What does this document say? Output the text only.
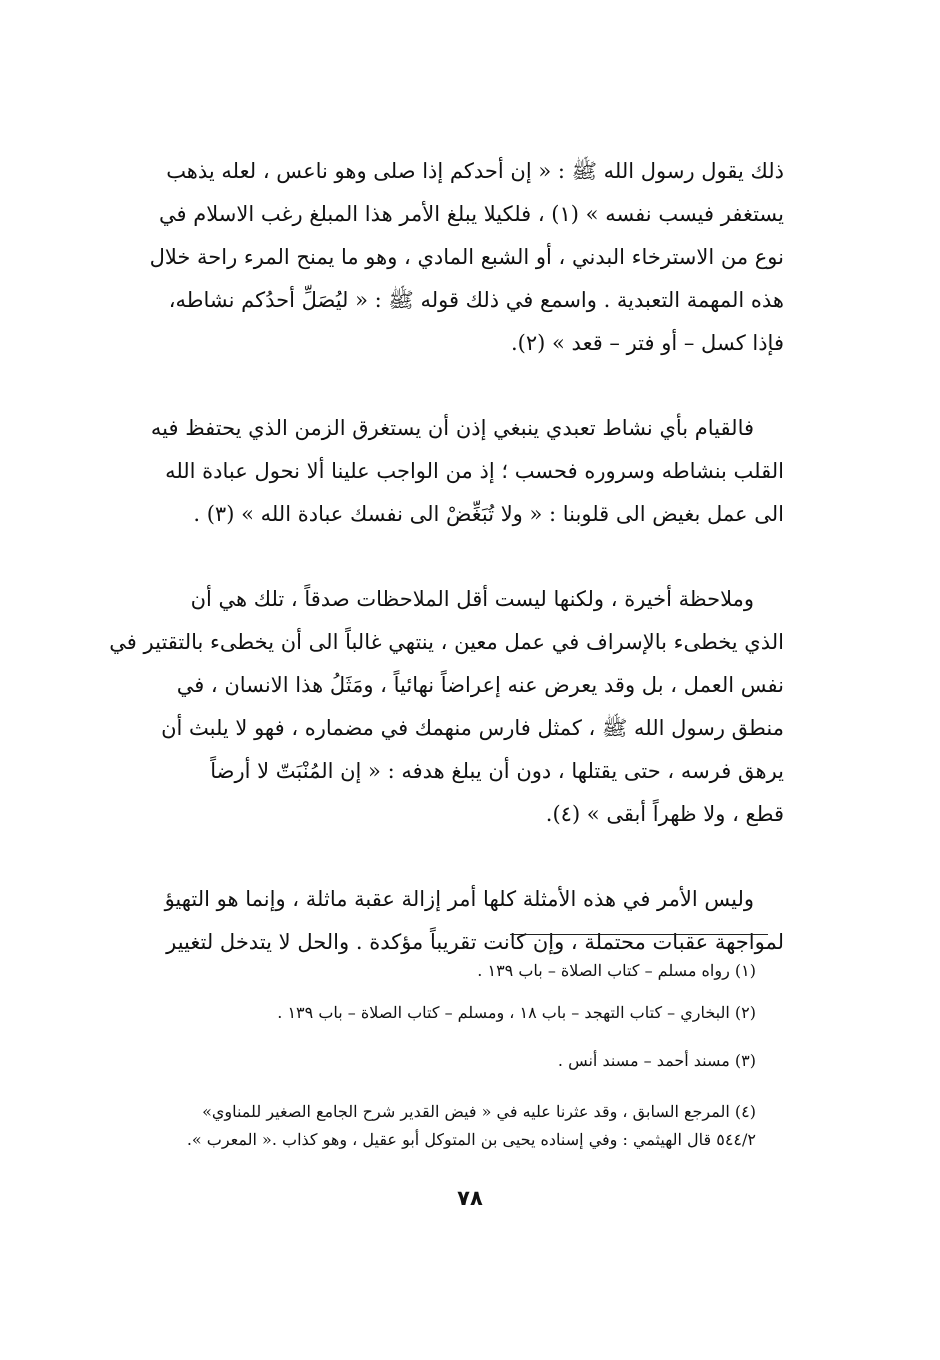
ذلك يقول رسول الله ﷺ : « إن أحدكم إذا صلى وهو ناعس ، لعله يذهب
يستغفر فيسب نفسه » (١) ، فلكيلا يبلغ الأمر هذا المبلغ رغب الاسلام في
نوع من الاسترخاء البدني ، أو الشبع المادي ، وهو ما يمنح المرء راحة خلال
هذه المهمة التعبدية . واسمع في ذلك قوله ﷺ : « ليُصَلِّ أحدُكم نشاطه،
فإذا كسل – أو فتر – قعد » (٢).

فالقيام بأي نشاط تعبدي ينبغي إذن أن يستغرق الزمن الذي يحتفظ فيه
القلب بنشاطه وسروره فحسب ؛ إذ من الواجب علينا ألا نحول عبادة الله
الى عمل بغيض الى قلوبنا : « ولا تُبَغِّضْ الى نفسك عبادة الله » (٣) .

وملاحظة أخيرة ، ولكنها ليست أقل الملاحظات صدقاً ، تلك هي أن
الذي يخطىء بالإسراف في عمل معين ، ينتهي غالباً الى أن يخطىء بالتقتير في
نفس العمل ، بل وقد يعرض عنه إعراضاً نهائياً ، ومَثَلُ هذا الانسان ، في
منطق رسول الله ﷺ ، كمثل فارس منهمك في مضماره ، فهو لا يلبث أن
يرهق فرسه ، حتى يقتلها ، دون أن يبلغ هدفه : « إن المُنْبَتّ لا أرضاً
قطع ، ولا ظهراً أبقى » (٤).

وليس الأمر في هذه الأمثلة كلها أمر إزالة عقبة ماثلة ، وإنما هو التهيؤ
لمواجهة عقبات محتملة ، وإن كانت تقريباً مؤكدة . والحل لا يتدخل لتغيير

(١) رواه مسلم – كتاب الصلاة – باب ١٣٩ .
(٢) البخاري – كتاب التهجد – باب ١٨ ، ومسلم – كتاب الصلاة – باب ١٣٩ .
(٣) مسند أحمد – مسند أنس .
(٤) المرجع السابق ، وقد عثرنا عليه في « فيض القدير شرح الجامع الصغير للمناوي»
٥٤٤/٢ قال الهيثمي : وفي إسناده يحيى بن المتوكل أبو عقيل ، وهو كذاب .« المعرب ».
٧٨
